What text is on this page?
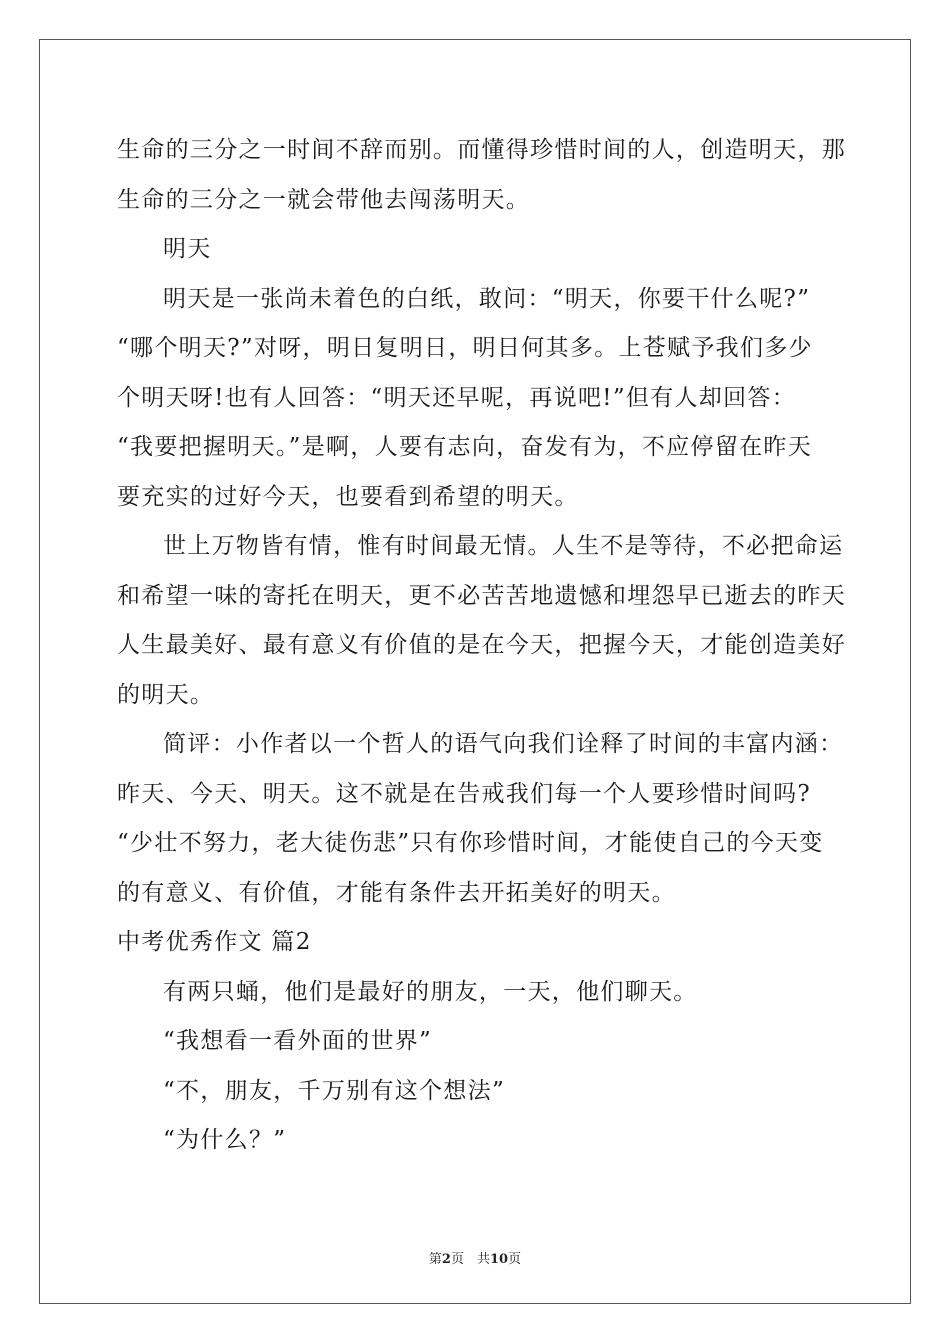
生命的三分之一时间不辞而别。而懂得珍惜时间的人，创造明天，那
生命的三分之一就会带他去闯荡明天。
明天
明天是一张尚未着色的白纸，敢问：“明天，你要干什么呢?”
“哪个明天?”对呀，明日复明日，明日何其多。上苍赋予我们多少
个明天呀!也有人回答：“明天还早呢，再说吧!”但有人却回答：
“我要把握明天。”是啊，人要有志向，奋发有为，不应停留在昨天
要充实的过好今天，也要看到希望的明天。
世上万物皆有情，惟有时间最无情。人生不是等待，不必把命运
和希望一味的寄托在明天，更不必苦苦地遗憾和埋怨早已逝去的昨天
人生最美好、最有意义有价值的是在今天，把握今天，才能创造美好
的明天。
简评：小作者以一个哲人的语气向我们诠释了时间的丰富内涵：
昨天、今天、明天。这不就是在告戒我们每一个人要珍惜时间吗?
“少壮不努力，老大徒伤悲”只有你珍惜时间，才能使自己的今天变
的有意义、有价值，才能有条件去开拓美好的明天。
中考优秀作文 篇2
有两只蛹，他们是最好的朋友，一天，他们聊天。
“我想看一看外面的世界”
“不，朋友，千万别有这个想法”
“为什么？”
第2页　共10页
